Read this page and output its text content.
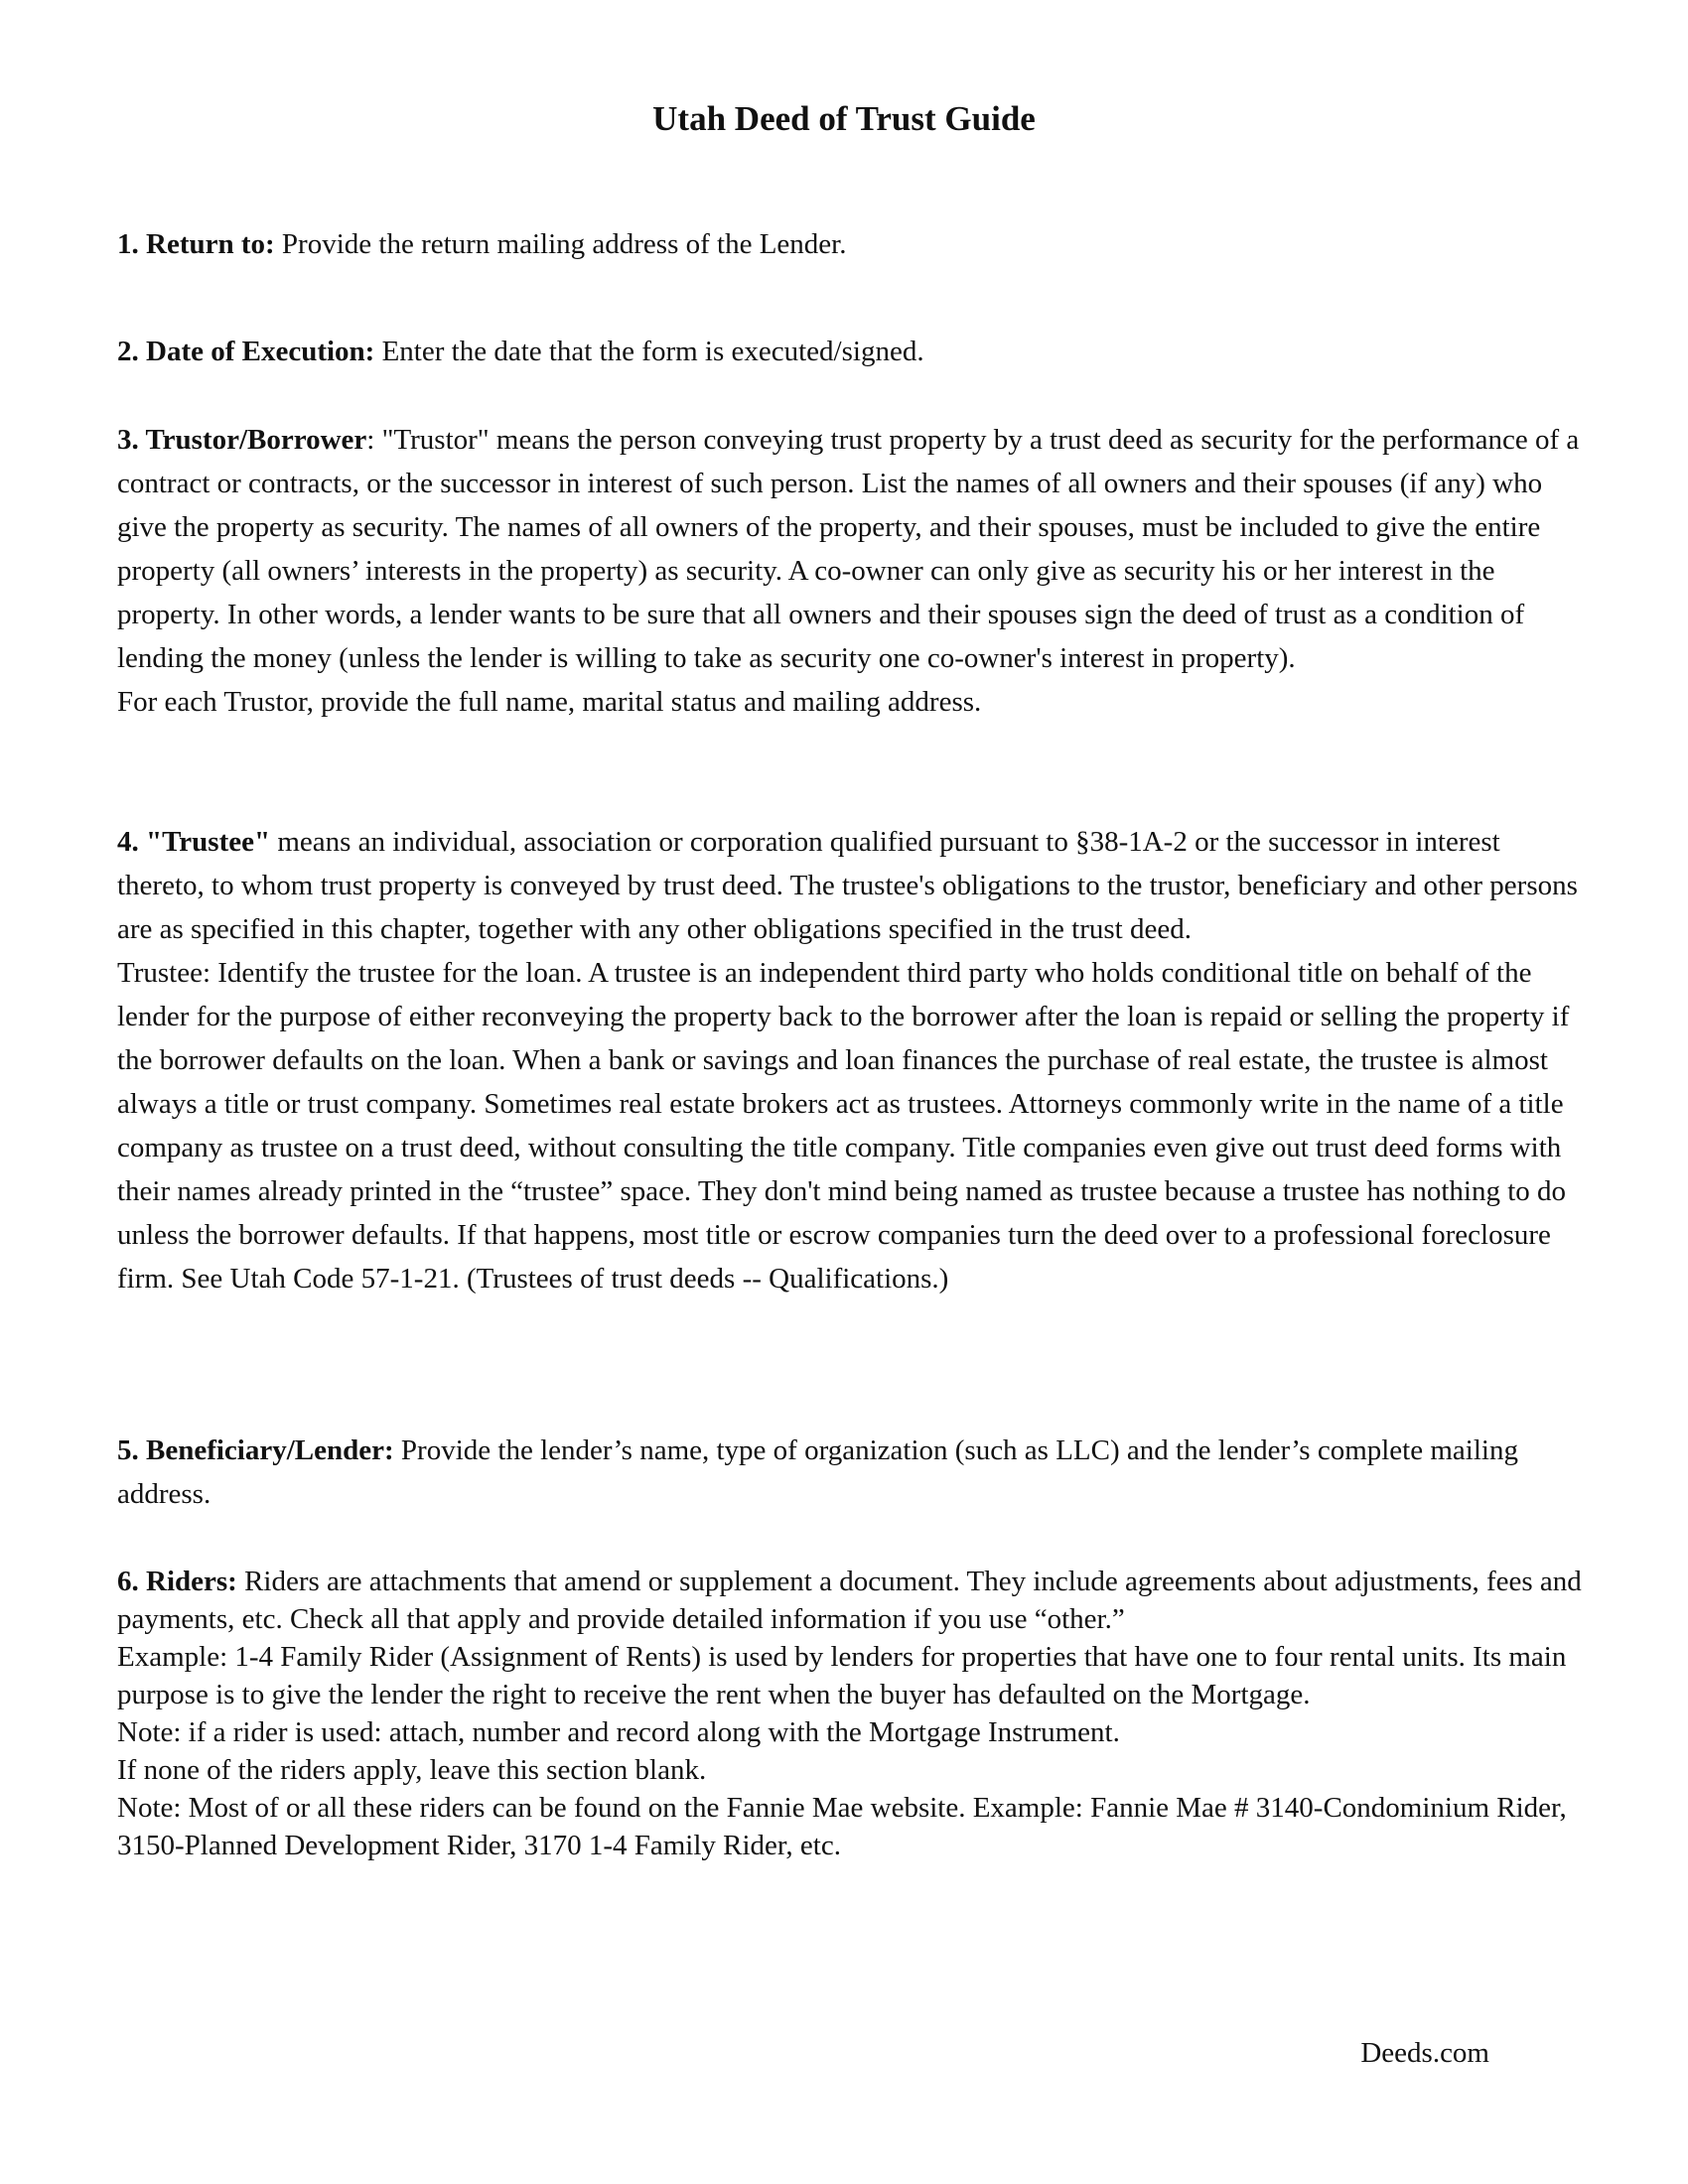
Utah Deed of Trust Guide

1. Return to: Provide the return mailing address of the Lender.

2. Date of Execution: Enter the date that the form is executed/signed.

3. Trustor/Borrower: "Trustor" means the person conveying trust property by a trust deed as security for the performance of a contract or contracts, or the successor in interest of such person. List the names of all owners and their spouses (if any) who give the property as security. The names of all owners of the property, and their spouses, must be included to give the entire property (all owners’ interests in the property) as security. A co-owner can only give as security his or her interest in the property. In other words, a lender wants to be sure that all owners and their spouses sign the deed of trust as a condition of lending the money (unless the lender is willing to take as security one co-owner's interest in property).

For each Trustor, provide the full name, marital status and mailing address.

4. "Trustee" means an individual, association or corporation qualified pursuant to §38-1A-2 or the successor in interest thereto, to whom trust property is conveyed by trust deed. The trustee's obligations to the trustor, beneficiary and other persons are as specified in this chapter, together with any other obligations specified in the trust deed.

Trustee: Identify the trustee for the loan. A trustee is an independent third party who holds conditional title on behalf of the lender for the purpose of either reconveying the property back to the borrower after the loan is repaid or selling the property if the borrower defaults on the loan. When a bank or savings and loan finances the purchase of real estate, the trustee is almost always a title or trust company. Sometimes real estate brokers act as trustees. Attorneys commonly write in the name of a title company as trustee on a trust deed, without consulting the title company. Title companies even give out trust deed forms with their names already printed in the “trustee” space. They don't mind being named as trustee because a trustee has nothing to do unless the borrower defaults. If that happens, most title or escrow companies turn the deed over to a professional foreclosure firm. See Utah Code 57-1-21. (Trustees of trust deeds -- Qualifications.)

5. Beneficiary/Lender: Provide the lender’s name, type of organization (such as LLC) and the lender’s complete mailing address.

6. Riders: Riders are attachments that amend or supplement a document. They include agreements about adjustments, fees and payments, etc. Check all that apply and provide detailed information if you use “other.”

Example: 1-4 Family Rider (Assignment of Rents) is used by lenders for properties that have one to four rental units. Its main purpose is to give the lender the right to receive the rent when the buyer has defaulted on the Mortgage.

Note: if a rider is used: attach, number and record along with the Mortgage Instrument.

If none of the riders apply, leave this section blank.

Note: Most of or all these riders can be found on the Fannie Mae website. Example: Fannie Mae # 3140-Condominium Rider, 3150-Planned Development Rider, 3170 1-4 Family Rider, etc.

Deeds.com
